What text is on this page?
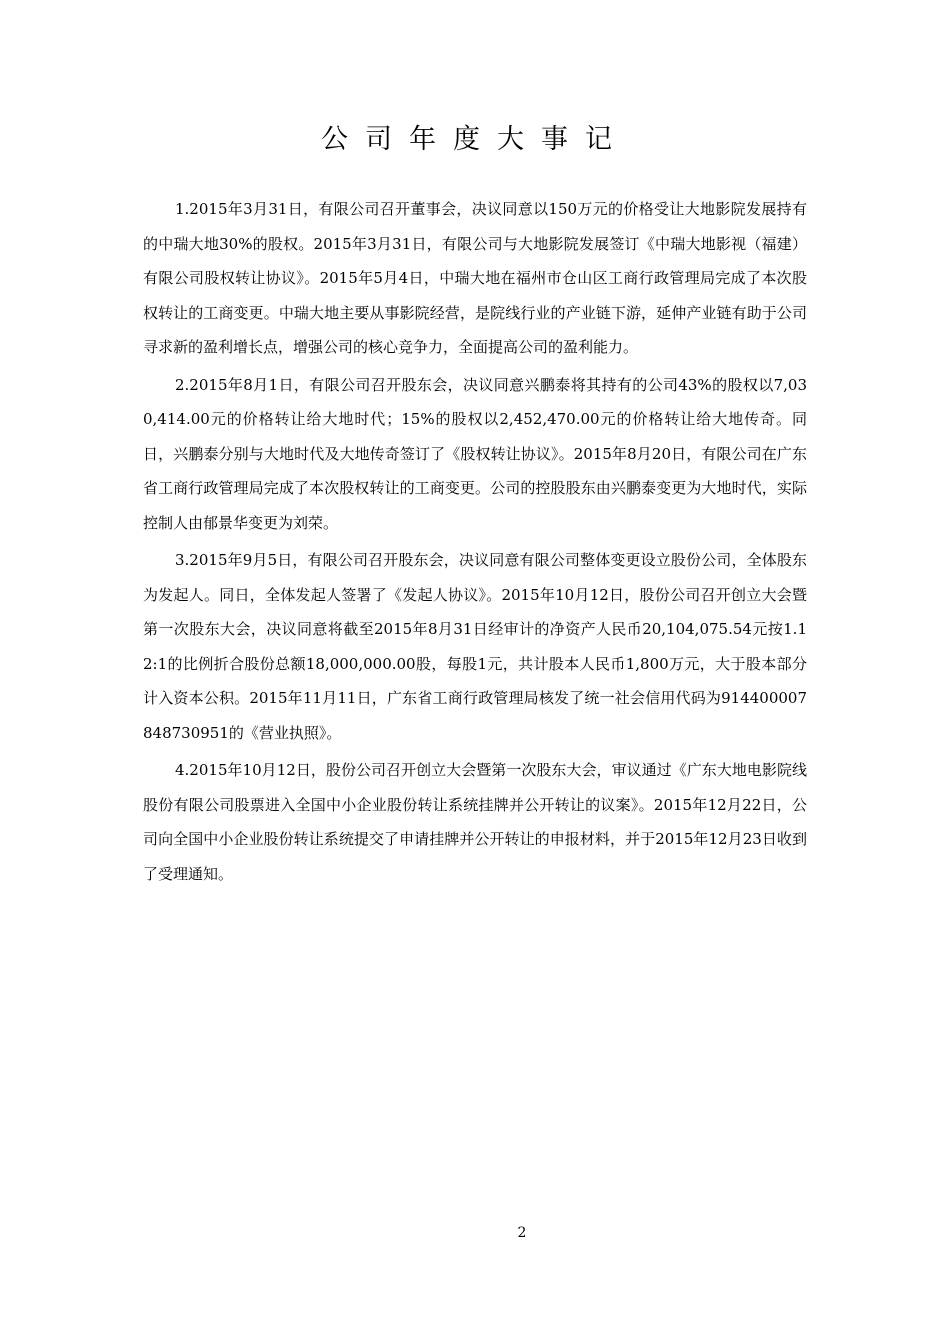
公司年度大事记

1.2015年3月31日，有限公司召开董事会，决议同意以150万元的价格受让大地影院发展持有的中瑞大地30%的股权。2015年3月31日，有限公司与大地影院发展签订《中瑞大地影视（福建）有限公司股权转让协议》。2015年5月4日，中瑞大地在福州市仓山区工商行政管理局完成了本次股权转让的工商变更。中瑞大地主要从事影院经营，是院线行业的产业链下游，延伸产业链有助于公司寻求新的盈利增长点，增强公司的核心竞争力，全面提高公司的盈利能力。

2.2015年8月1日，有限公司召开股东会，决议同意兴鹏泰将其持有的公司43%的股权以7,030,414.00元的价格转让给大地时代；15%的股权以2,452,470.00元的价格转让给大地传奇。同日，兴鹏泰分别与大地时代及大地传奇签订了《股权转让协议》。2015年8月20日，有限公司在广东省工商行政管理局完成了本次股权转让的工商变更。公司的控股股东由兴鹏泰变更为大地时代，实际控制人由郁景华变更为刘荣。

3.2015年9月5日，有限公司召开股东会，决议同意有限公司整体变更设立股份公司，全体股东为发起人。同日，全体发起人签署了《发起人协议》。2015年10月12日，股份公司召开创立大会暨第一次股东大会，决议同意将截至2015年8月31日经审计的净资产人民币20,104,075.54元按1.12:1的比例折合股份总额18,000,000.00股，每股1元，共计股本人民币1,800万元，大于股本部分计入资本公积。2015年11月11日，广东省工商行政管理局核发了统一社会信用代码为914400007848730951的《营业执照》。

4.2015年10月12日，股份公司召开创立大会暨第一次股东大会，审议通过《广东大地电影院线股份有限公司股票进入全国中小企业股份转让系统挂牌并公开转让的议案》。2015年12月22日，公司向全国中小企业股份转让系统提交了申请挂牌并公开转让的申报材料，并于2015年12月23日收到了受理通知。

2
